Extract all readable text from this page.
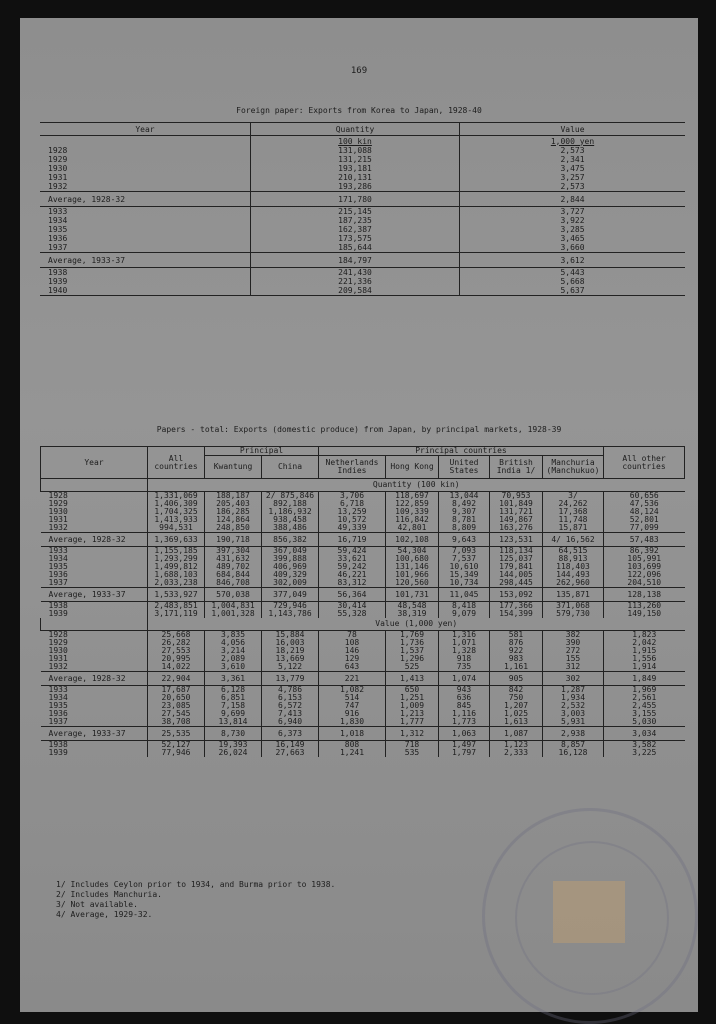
169
Foreign paper: Exports from Korea to Japan, 1928-40
Year	Quantity	Value
	100 kin	1,000 yen
1928	131,088	2,573
1929	131,215	2,341
1930	193,181	3,475
1931	210,131	3,257
1932	193,286	2,573
Average, 1928-32	171,780	2,844
1933	215,145	3,727
1934	187,235	3,922
1935	162,387	3,285
1936	173,575	3,465
1937	185,644	3,660
Average, 1933-37	184,797	3,612
1938	241,430	5,443
1939	221,336	5,668
1940	209,584	5,637
Papers - total: Exports (domestic produce) from Japan, by principal markets, 1928-39
Year	All countries	Principal		Principal countries					All other countries
		Kwantung	China	Netherlands Indies	Hong Kong	United States	British India 1/	Manchuria (Manchukuo)	
	Quantity (100 kin)								
1928	1,331,069	188,187	2/ 875,846	3,706	118,697	13,044	70,953	3/	60,656
1929	1,406,309	205,403	892,188	6,718	122,859	8,492	101,849	24,262	47,536
1930	1,704,325	186,285	1,186,932	13,259	109,339	9,307	131,721	17,368	48,124
1931	1,413,933	124,864	938,458	10,572	116,842	8,781	149,867	11,748	52,801
1932	994,531	248,850	388,486	49,339	42,801	8,809	163,276	15,871	77,099
Average, 1928-32	1,369,633	190,718	856,382	16,719	102,108	9,643	123,531	4/ 16,562	57,483
1933	1,155,185	397,304	367,049	59,424	54,304	7,093	118,134	64,515	86,392
1934	1,293,299	431,632	399,888	33,621	100,680	7,537	125,037	88,913	105,991
1935	1,499,812	489,702	406,969	59,242	131,146	10,610	179,841	118,403	103,699
1936	1,688,103	684,844	409,329	46,221	101,966	15,349	144,005	144,493	122,096
1937	2,033,238	846,708	302,009	83,312	120,560	10,734	298,445	262,960	204,510
Average, 1933-37	1,533,927	570,038	377,049	56,364	101,731	11,045	153,092	135,871	128,138
1938	2,483,851	1,004,831	729,946	30,414	48,548	8,418	177,366	371,068	113,260
1939	3,171,119	1,001,328	1,143,786	55,328	38,319	9,079	154,399	579,730	149,150
	Value (1,000 yen)								
1928	25,668	3,835	15,884	78	1,769	1,316	581	382	1,823
1929	26,282	4,056	16,003	108	1,736	1,071	876	390	2,042
1930	27,553	3,214	18,219	146	1,537	1,328	922	272	1,915
1931	20,995	2,089	13,669	129	1,296	918	983	155	1,556
1932	14,022	3,610	5,122	643	525	735	1,161	312	1,914
Average, 1928-32	22,904	3,361	13,779	221	1,413	1,074	905	302	1,849
1933	17,687	6,128	4,786	1,082	650	943	842	1,287	1,969
1934	20,650	6,851	6,153	514	1,251	636	750	1,934	2,561
1935	23,085	7,158	6,572	747	1,009	845	1,207	2,532	2,455
1936	27,545	9,699	7,413	916	1,213	1,116	1,025	3,003	3,155
1937	38,708	13,814	6,940	1,830	1,777	1,773	1,613	5,931	5,030
Average, 1933-37	25,535	8,730	6,373	1,018	1,312	1,063	1,087	2,938	3,034
1938	52,127	19,393	16,149	808	718	1,497	1,123	8,857	3,582
1939	77,946	26,024	27,663	1,241	535	1,797	2,333	16,128	3,225
1/ Includes Ceylon prior to 1934, and Burma prior to 1938.
2/ Includes Manchuria.
3/ Not available.
4/ Average, 1929-32.
